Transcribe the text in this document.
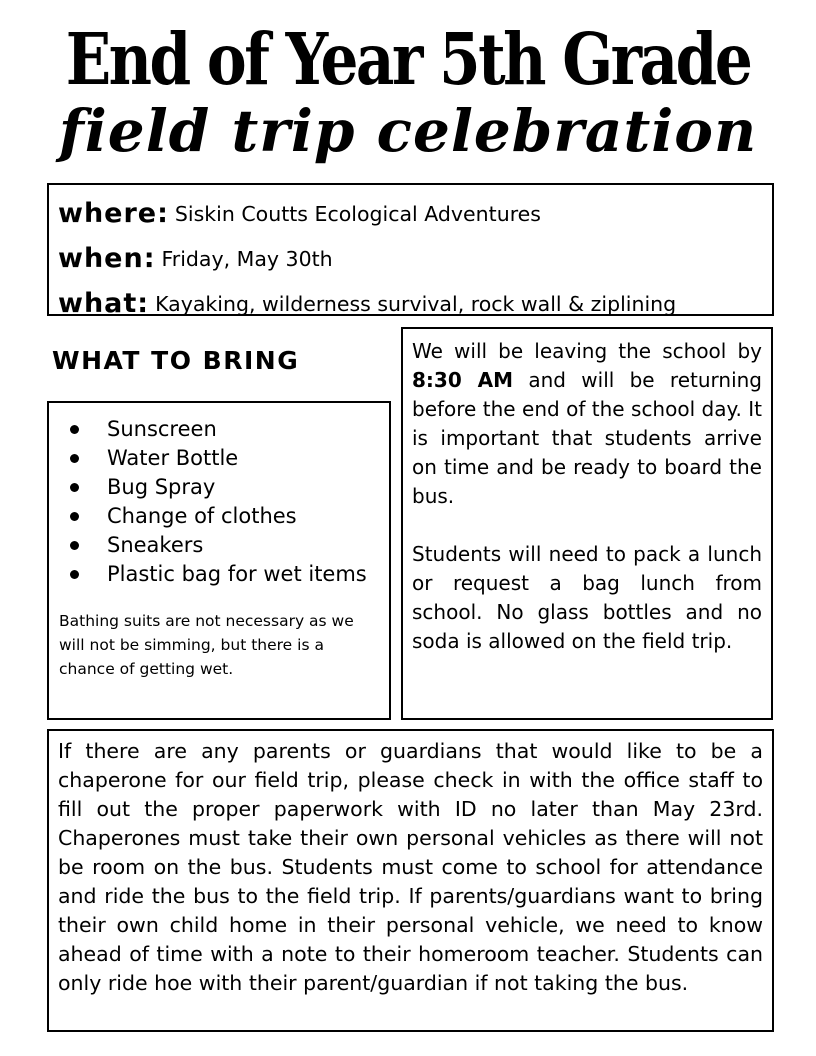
End of Year 5th Grade
field trip celebration
where: Siskin Coutts Ecological Adventures
when: Friday, May 30th
what: Kayaking, wilderness survival, rock wall & ziplining
WHAT TO BRING
Sunscreen
Water Bottle
Bug Spray
Change of clothes
Sneakers
Plastic bag for wet items

Bathing suits are not necessary as we will not be simming, but there is a chance of getting wet.

We will be leaving the school by 8:30 AM and will be returning before the end of the school day. It is important that students arrive on time and be ready to board the bus.

Students will need to pack a lunch or request a bag lunch from school. No glass bottles and no soda is allowed on the field trip.

If there are any parents or guardians that would like to be a chaperone for our field trip, please check in with the office staff to fill out the proper paperwork with ID no later than May 23rd. Chaperones must take their own personal vehicles as there will not be room on the bus. Students must come to school for attendance and ride the bus to the field trip. If parents/guardians want to bring their own child home in their personal vehicle, we need to know ahead of time with a note to their homeroom teacher. Students can only ride hoe with their parent/guardian if not taking the bus.
